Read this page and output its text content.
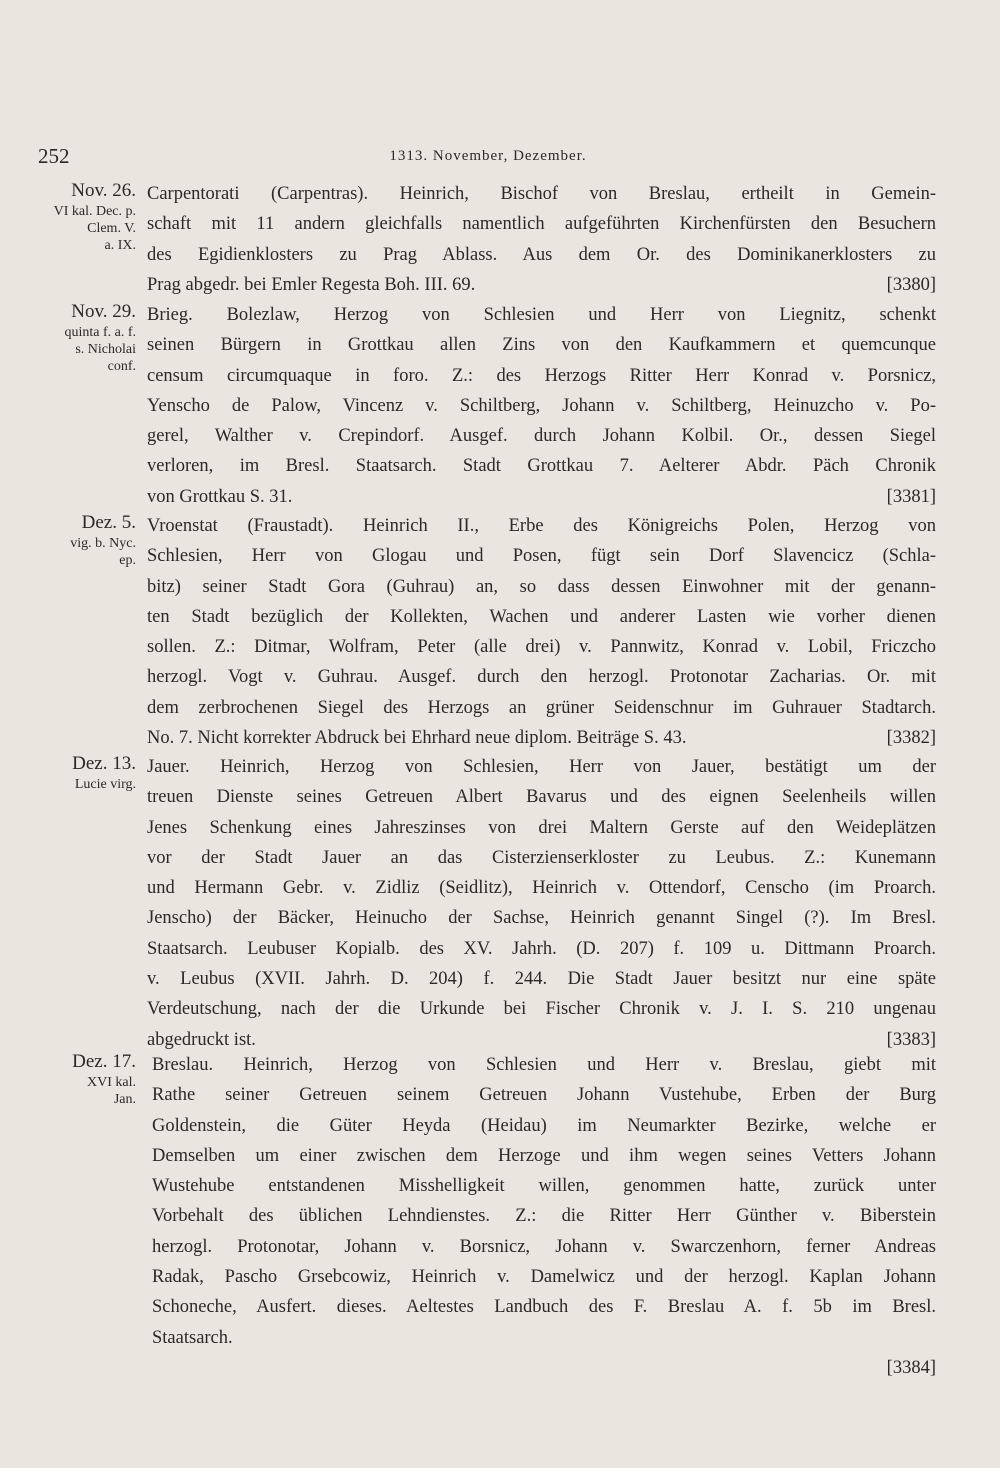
252	1313. November, Dezember.
Nov. 26.
VI kal. Dec. p.
Clem. V.
a. IX.
Carpentorati (Carpentras). Heinrich, Bischof von Breslau, ertheilt in Gemein-
schaft mit 11 andern gleichfalls namentlich aufgeführten Kirchenfürsten den Besuchern
des Egidienklosters zu Prag Ablass. Aus dem Or. des Dominikanerklosters zu
Prag abgedr. bei Emler Regesta Boh. III. 69.	[3380]
Nov. 29.
quinta f. a. f.
s. Nicholai
conf.
Brieg. Bolezlaw, Herzog von Schlesien und Herr von Liegnitz, schenkt
seinen Bürgern in Grottkau allen Zins von den Kaufkammern et quemcunque
censum circumquaque in foro. Z.: des Herzogs Ritter Herr Konrad v. Porsnicz,
Yenscho de Palow, Vincenz v. Schiltberg, Johann v. Schiltberg, Heinuzcho v. Po-
gerel, Walther v. Crepindorf. Ausgef. durch Johann Kolbil. Or., dessen Siegel
verloren, im Bresl. Staatsarch. Stadt Grottkau 7. Aelterer Abdr. Päch Chronik
von Grottkau S. 31.	[3381]
Dez. 5.
vig. b. Nyc.
ep.
Vroenstat (Fraustadt). Heinrich II., Erbe des Königreichs Polen, Herzog von
Schlesien, Herr von Glogau und Posen, fügt sein Dorf Slavencicz (Schla-
bitz) seiner Stadt Gora (Guhrau) an, so dass dessen Einwohner mit der genann-
ten Stadt bezüglich der Kollekten, Wachen und anderer Lasten wie vorher dienen
sollen. Z.: Ditmar, Wolfram, Peter (alle drei) v. Pannwitz, Konrad v. Lobil, Friczcho
herzogl. Vogt v. Guhrau. Ausgef. durch den herzogl. Protonotar Zacharias. Or. mit
dem zerbrochenen Siegel des Herzogs an grüner Seidenschnur im Guhrauer Stadtarch.
No. 7. Nicht korrekter Abdruck bei Ehrhard neue diplom. Beiträge S. 43.	[3382]
Dez. 13.
Lucie virg.
Jauer. Heinrich, Herzog von Schlesien, Herr von Jauer, bestätigt um der
treuen Dienste seines Getreuen Albert Bavarus und des eignen Seelenheils willen
Jenes Schenkung eines Jahreszinses von drei Maltern Gerste auf den Weideplätzen
vor der Stadt Jauer an das Cisterzienserkloster zu Leubus. Z.: Kunemann
und Hermann Gebr. v. Zidliz (Seidlitz), Heinrich v. Ottendorf, Censcho (im Proarch.
Jenscho) der Bäcker, Heinucho der Sachse, Heinrich genannt Singel (?). Im Bresl.
Staatsarch. Leubuser Kopialb. des XV. Jahrh. (D. 207) f. 109 u. Dittmann Proarch.
v. Leubus (XVII. Jahrh. D. 204) f. 244. Die Stadt Jauer besitzt nur eine späte
Verdeutschung, nach der die Urkunde bei Fischer Chronik v. J. I. S. 210 ungenau
abgedruckt ist.	[3383]
Dez. 17.
XVI kal.
Jan.
Breslau. Heinrich, Herzog von Schlesien und Herr v. Breslau, giebt mit
Rathe seiner Getreuen seinem Getreuen Johann Vustehube, Erben der Burg
Goldenstein, die Güter Heyda (Heidau) im Neumarkter Bezirke, welche er
Demselben um einer zwischen dem Herzoge und ihm wegen seines Vetters Johann
Wustehube entstandenen Misshelligkeit willen, genommen hatte, zurück unter
Vorbehalt des üblichen Lehndienstes. Z.: die Ritter Herr Günther v. Biberstein
herzogl. Protonotar, Johann v. Borsnicz, Johann v. Swarczenhorn, ferner Andreas
Radak, Pascho Grsebcowiz, Heinrich v. Damelwicz und der herzogl. Kaplan Johann
Schoneche, Ausfert. dieses. Aeltestes Landbuch des F. Breslau A. f. 5b im Bresl.
Staatsarch.
[3384]
